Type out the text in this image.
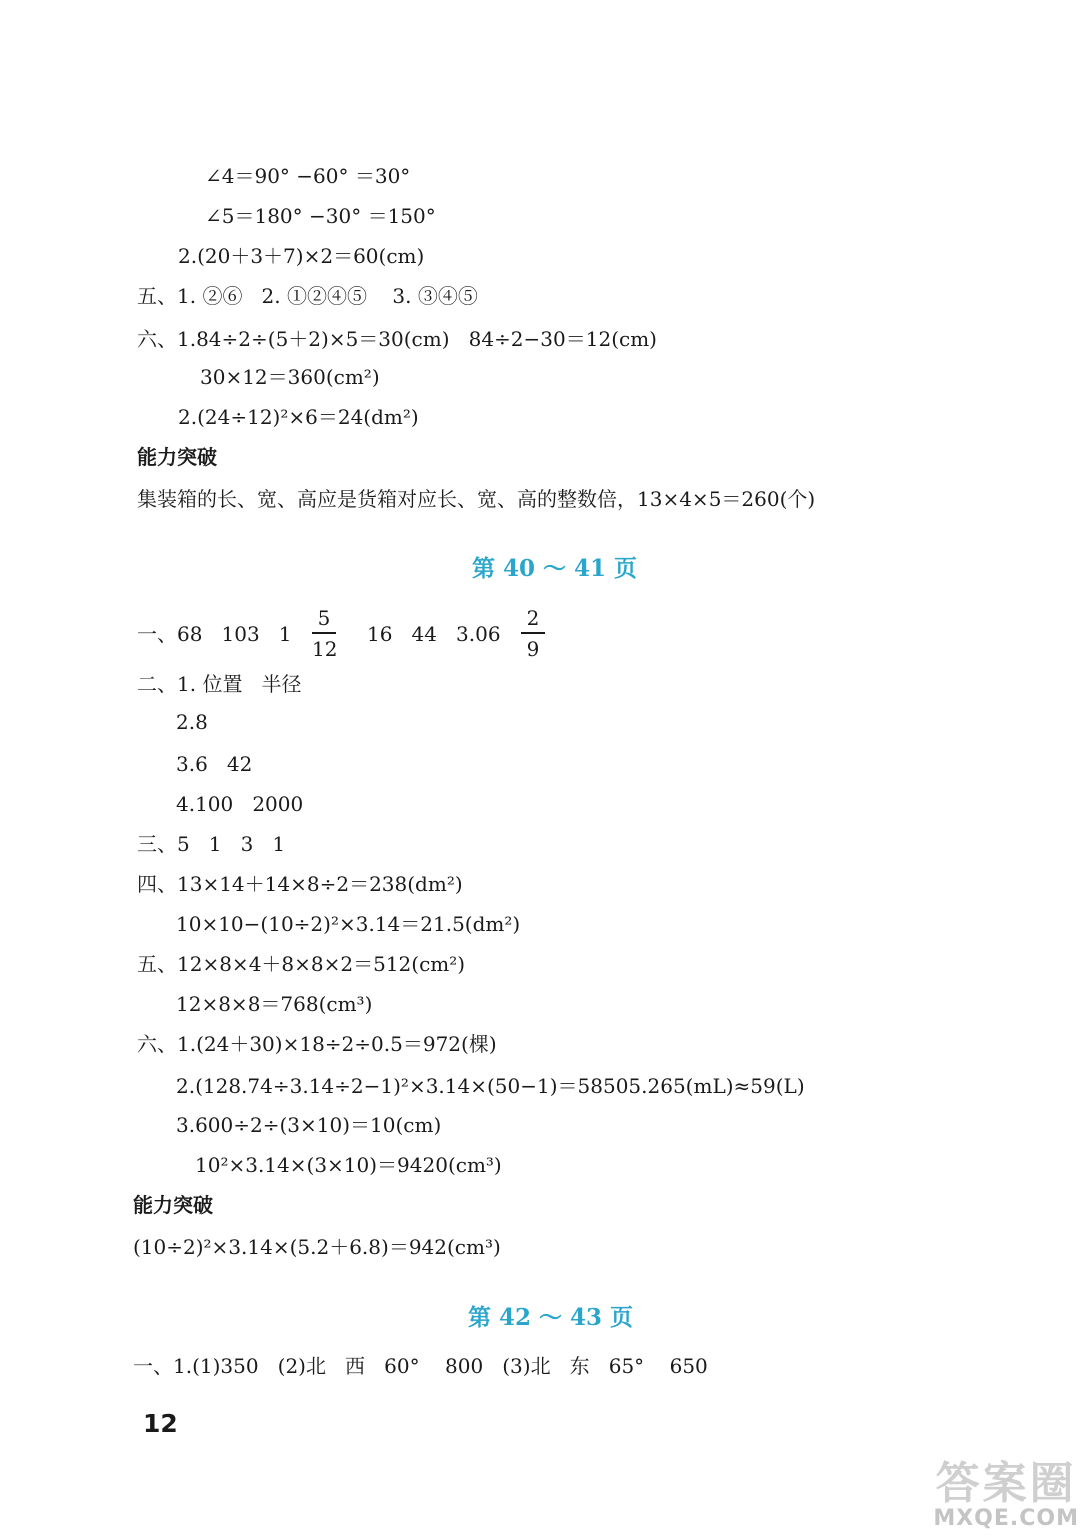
∠4＝90° −60° ＝30°
∠5＝180° −30° ＝150°
2.(20＋3＋7)×2＝60(cm)
五、1. ②⑥   2. ①②④⑤    3. ③④⑤
六、1.84÷2÷(5＋2)×5＝30(cm)   84÷2−30＝12(cm)
30×12＝360(cm²)
2.(24÷12)²×6＝24(dm²)
能力突破
集装箱的长、宽、高应是货箱对应长、宽、高的整数倍，13×4×5＝260(个)
第 40 ～ 41 页
一、68   103   1
5
12
16   44   3.06
2
9
二、1. 位置   半径
2.8
3.6   42
4.100   2000
三、5   1   3   1
四、13×14＋14×8÷2＝238(dm²)
10×10−(10÷2)²×3.14＝21.5(dm²)
五、12×8×4＋8×8×2＝512(cm²)
12×8×8＝768(cm³)
六、1.(24＋30)×18÷2÷0.5＝972(棵)
2.(128.74÷3.14÷2−1)²×3.14×(50−1)＝58505.265(mL)≈59(L)
3.600÷2÷(3×10)＝10(cm)
10²×3.14×(3×10)＝9420(cm³)
能力突破
(10÷2)²×3.14×(5.2＋6.8)＝942(cm³)
第 42 ～ 43 页
一、1.(1)350   (2)北   西   60°    800   (3)北   东   65°    650
12
答案圈
MXQE.COM
